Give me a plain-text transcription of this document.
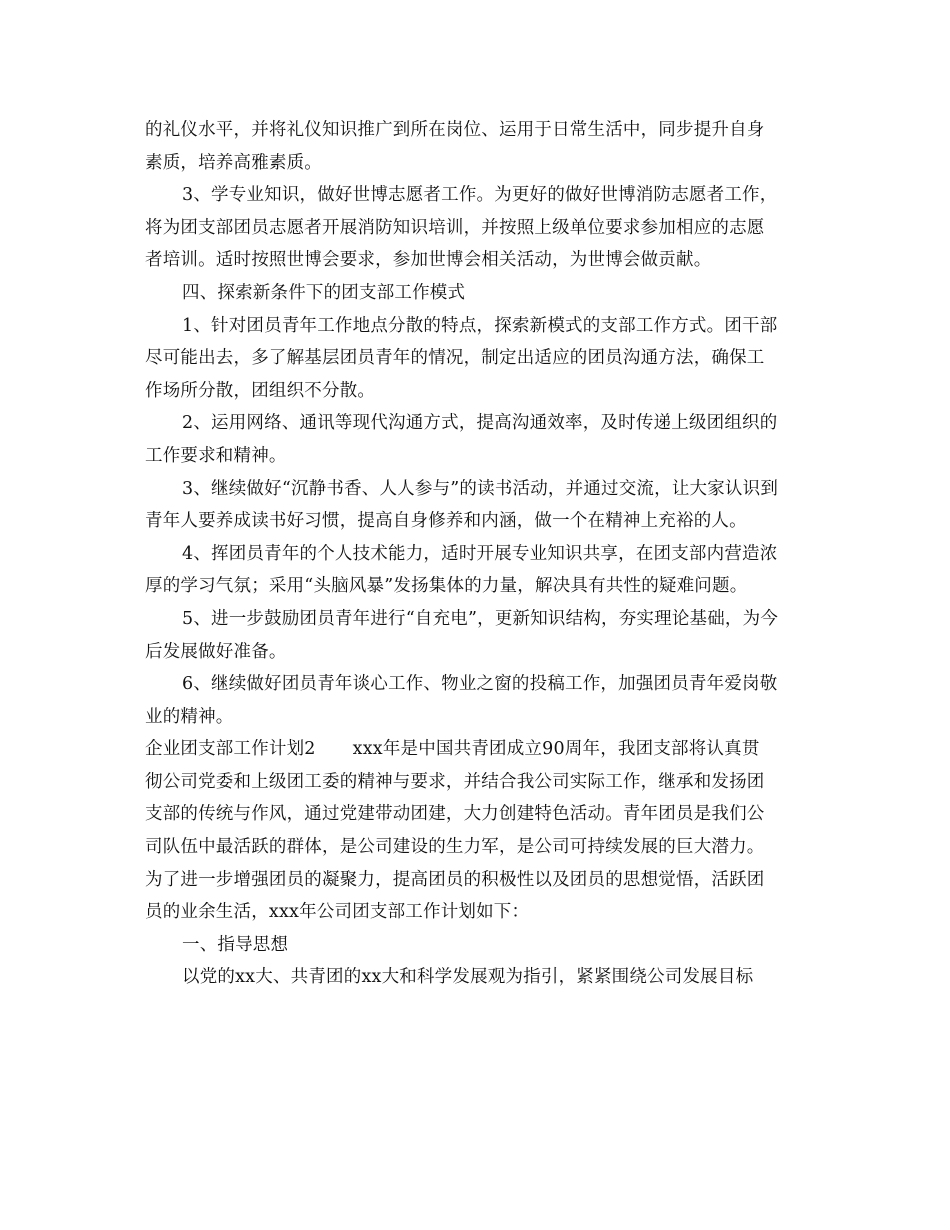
的礼仪水平，并将礼仪知识推广到所在岗位、运用于日常生活中，同步提升自身
素质，培养高雅素质。
3、学专业知识，做好世博志愿者工作。为更好的做好世博消防志愿者工作，
将为团支部团员志愿者开展消防知识培训，并按照上级单位要求参加相应的志愿
者培训。适时按照世博会要求，参加世博会相关活动，为世博会做贡献。
四、探索新条件下的团支部工作模式
1、针对团员青年工作地点分散的特点，探索新模式的支部工作方式。团干部
尽可能出去，多了解基层团员青年的情况，制定出适应的团员沟通方法，确保工
作场所分散，团组织不分散。
2、运用网络、通讯等现代沟通方式，提高沟通效率，及时传递上级团组织的
工作要求和精神。
3、继续做好“沉静书香、人人参与”的读书活动，并通过交流，让大家认识到
青年人要养成读书好习惯，提高自身修养和内涵，做一个在精神上充裕的人。
4、挥团员青年的个人技术能力，适时开展专业知识共享，在团支部内营造浓
厚的学习气氛；采用“头脑风暴”发扬集体的力量，解决具有共性的疑难问题。
5、进一步鼓励团员青年进行“自充电”，更新知识结构，夯实理论基础，为今
后发展做好准备。
6、继续做好团员青年谈心工作、物业之窗的投稿工作，加强团员青年爱岗敬
业的精神。
企业团支部工作计划2 xxx年是中国共青团成立90周年，我团支部将认真贯
彻公司党委和上级团工委的精神与要求，并结合我公司实际工作，继承和发扬团
支部的传统与作风，通过党建带动团建，大力创建特色活动。青年团员是我们公
司队伍中最活跃的群体，是公司建设的生力军，是公司可持续发展的巨大潜力。
为了进一步增强团员的凝聚力，提高团员的积极性以及团员的思想觉悟，活跃团
员的业余生活，xxx年公司团支部工作计划如下：
一、指导思想
以党的xx大、共青团的xx大和科学发展观为指引，紧紧围绕公司发展目标
